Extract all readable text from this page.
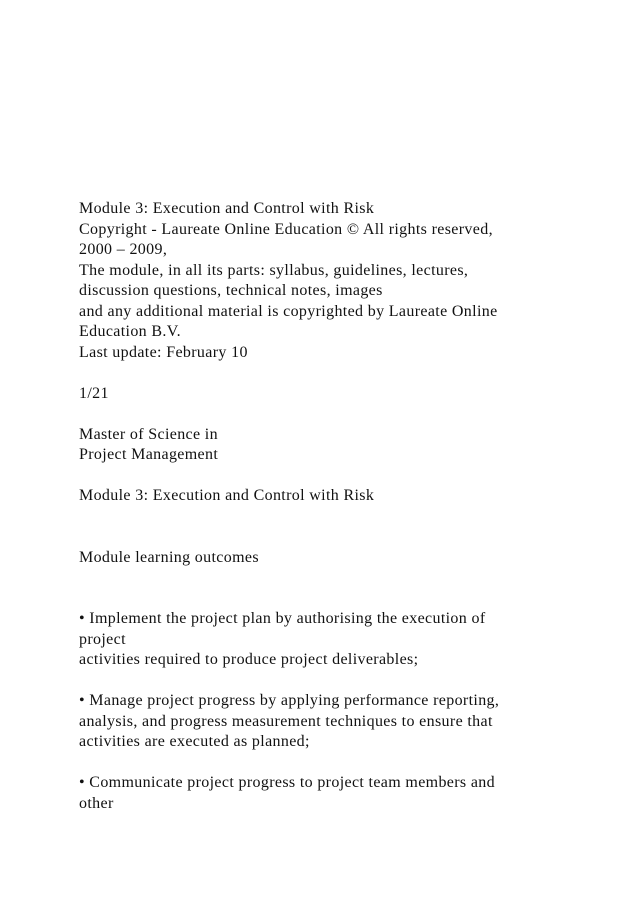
Module 3: Execution and Control with Risk
Copyright - Laureate Online Education © All rights reserved,
2000 – 2009,
The module, in all its parts: syllabus, guidelines, lectures,
discussion questions, technical notes, images
and any additional material is copyrighted by Laureate Online
Education B.V.
Last update: February 10
1/21
Master of Science in
Project Management
Module 3: Execution and Control with Risk
Module learning outcomes
• Implement the project plan by authorising the execution of
project
activities required to produce project deliverables;
• Manage project progress by applying performance reporting,
analysis, and progress measurement techniques to ensure that
activities are executed as planned;
• Communicate project progress to project team members and
other
